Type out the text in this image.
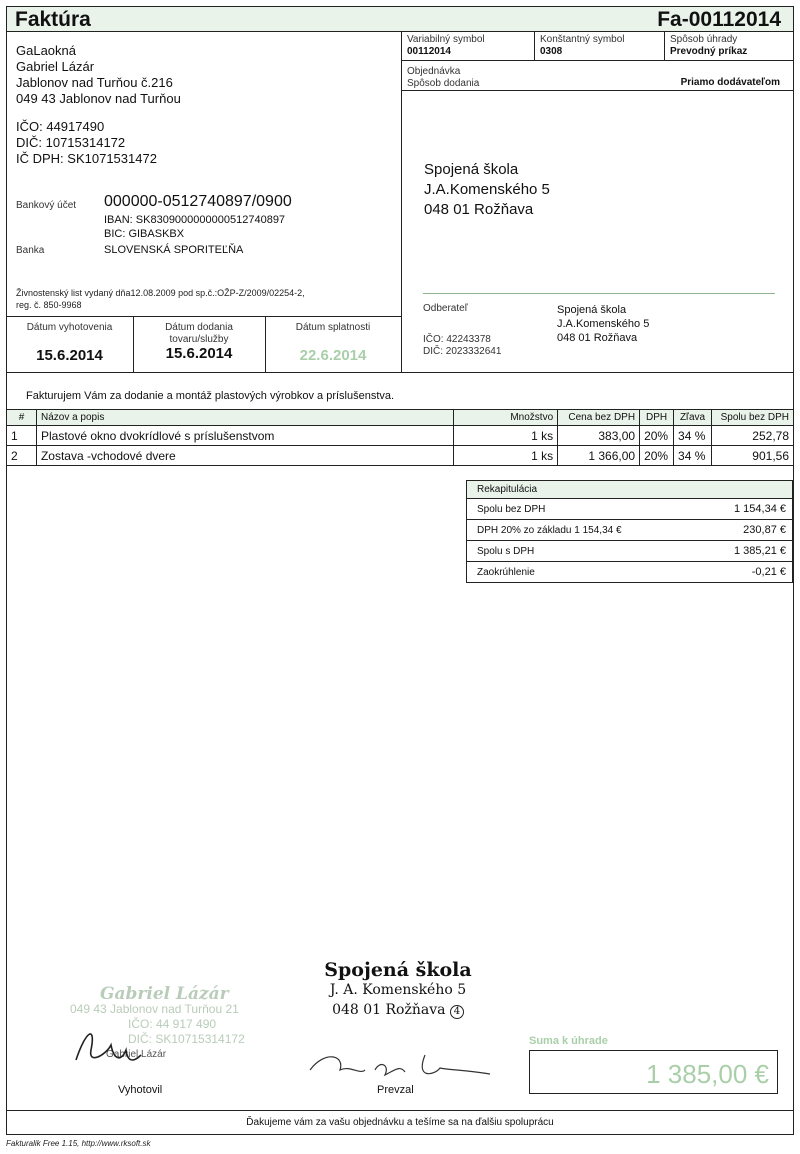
Faktúra	Fa-00112014
GaLaokná
Gabriel Lázár
Jablonov nad Turňou č.216
049 43 Jablonov nad Turňou
IČO: 44917490
DIČ: 10715314172
IČ DPH: SK1071531472
Bankový účet 000000-0512740897/0900
IBAN: SK8309000000000512740897
BIC: GIBASKBX
Banka	SLOVENSKÁ SPORITEĽŇA
Živnostenský list vydaný dňa12.08.2009 pod sp.č.:OŽP-Z/2009/02254-2,
reg. č. 850-9968
Variabilný symbol
00112014
Konštantný symbol
0308
Spôsob úhrady
Prevodný príkaz
Objednávka
Spôsob dodania	Priamo dodávateľom
Spojená škola
J.A.Komenského 5
048 01 Rožňava
Odberateľ
IČO: 42243378
DIČ: 2023332641
Spojená škola
J.A.Komenského 5
048 01 Rožňava
Dátum vyhotovenia
15.6.2014
Dátum dodania
tovaru/služby
15.6.2014
Dátum splatnosti
22.6.2014
Fakturujem Vám za dodanie a montáž plastových výrobkov a príslušenstva.
#	Názov a popis	Množstvo	Cena bez DPH	DPH	Zľava	Spolu bez DPH
1	Plastové okno dvokrídlové s príslušenstvom	1 ks	383,00	20%	34 %	252,78
2	Zostava -vchodové dvere	1 ks	1 366,00	20%	34 %	901,56
Rekapitulácia
Spolu bez DPH	1 154,34 €
DPH 20% zo základu 1 154,34 €	230,87 €
Spolu s DPH	1 385,21 €
Zaokrúhlenie	-0,21 €
Gabriel Lázár
049 43 Jablonov nad Turňou 21
IČO: 44 917 490
DIČ: SK10715314172
Gabriel Lázár
Spojená škola
J. A. Komenského 5
048 01 Rožňava 4
Vyhotovil	Prevzal
Suma k úhrade
1 385,00 €
Ďakujeme vám za vašu objednávku a tešíme sa na ďalšiu spoluprácu
Fakturalik Free 1.15, http://www.rksoft.sk
